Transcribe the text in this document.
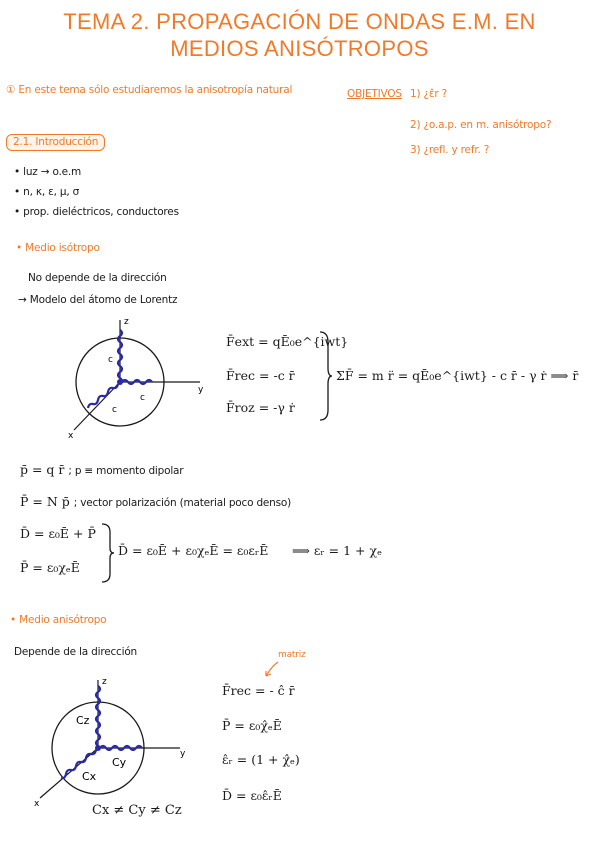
TEMA 2. PROPAGACIÓN DE ONDAS E.M. EN
MEDIOS ANISÓTROPOS
① En este tema sólo estudiaremos la anisotropía natural	OBJETIVOS 1) ¿ε̂r ?
2) ¿o.a.p. en m. anisótropo?
3) ¿refl. y refr. ?
2.1. Introducción
• luz → o.e.m
• n, κ, ε, μ, σ
• prop. dieléctricos, conductores
• Medio isótropo
No depende de la dirección
→ Modelo del átomo de Lorentz
z
y
x
c
c
c
F̄ext = qĒ₀e^{iwt}
F̄rec = -c r̄
F̄roz = -γ ṙ
ΣF̄ = m r̈ = qĒ₀e^{iwt} - c r̄ - γ ṙ ⟹ r̄
p̄ = q r̄ ; p ≡ momento dipolar
P̄ = N p̄ ; vector polarización (material poco denso)
D̄ = ε₀Ē + P̄
P̄ = ε₀χₑĒ
D̄ = ε₀Ē + ε₀χₑĒ = ε₀εᵣĒ ⟹ εᵣ = 1 + χₑ
• Medio anisótropo
Depende de la dirección
z
y
x
Cz
Cy
Cx
Cx ≠ Cy ≠ Cz
matriz
F̄rec = - ĉ r̄
P̄ = ε₀χ̂ₑĒ
ε̂ᵣ = (1 + χ̂ₑ)
D̄ = ε₀ε̂ᵣĒ
